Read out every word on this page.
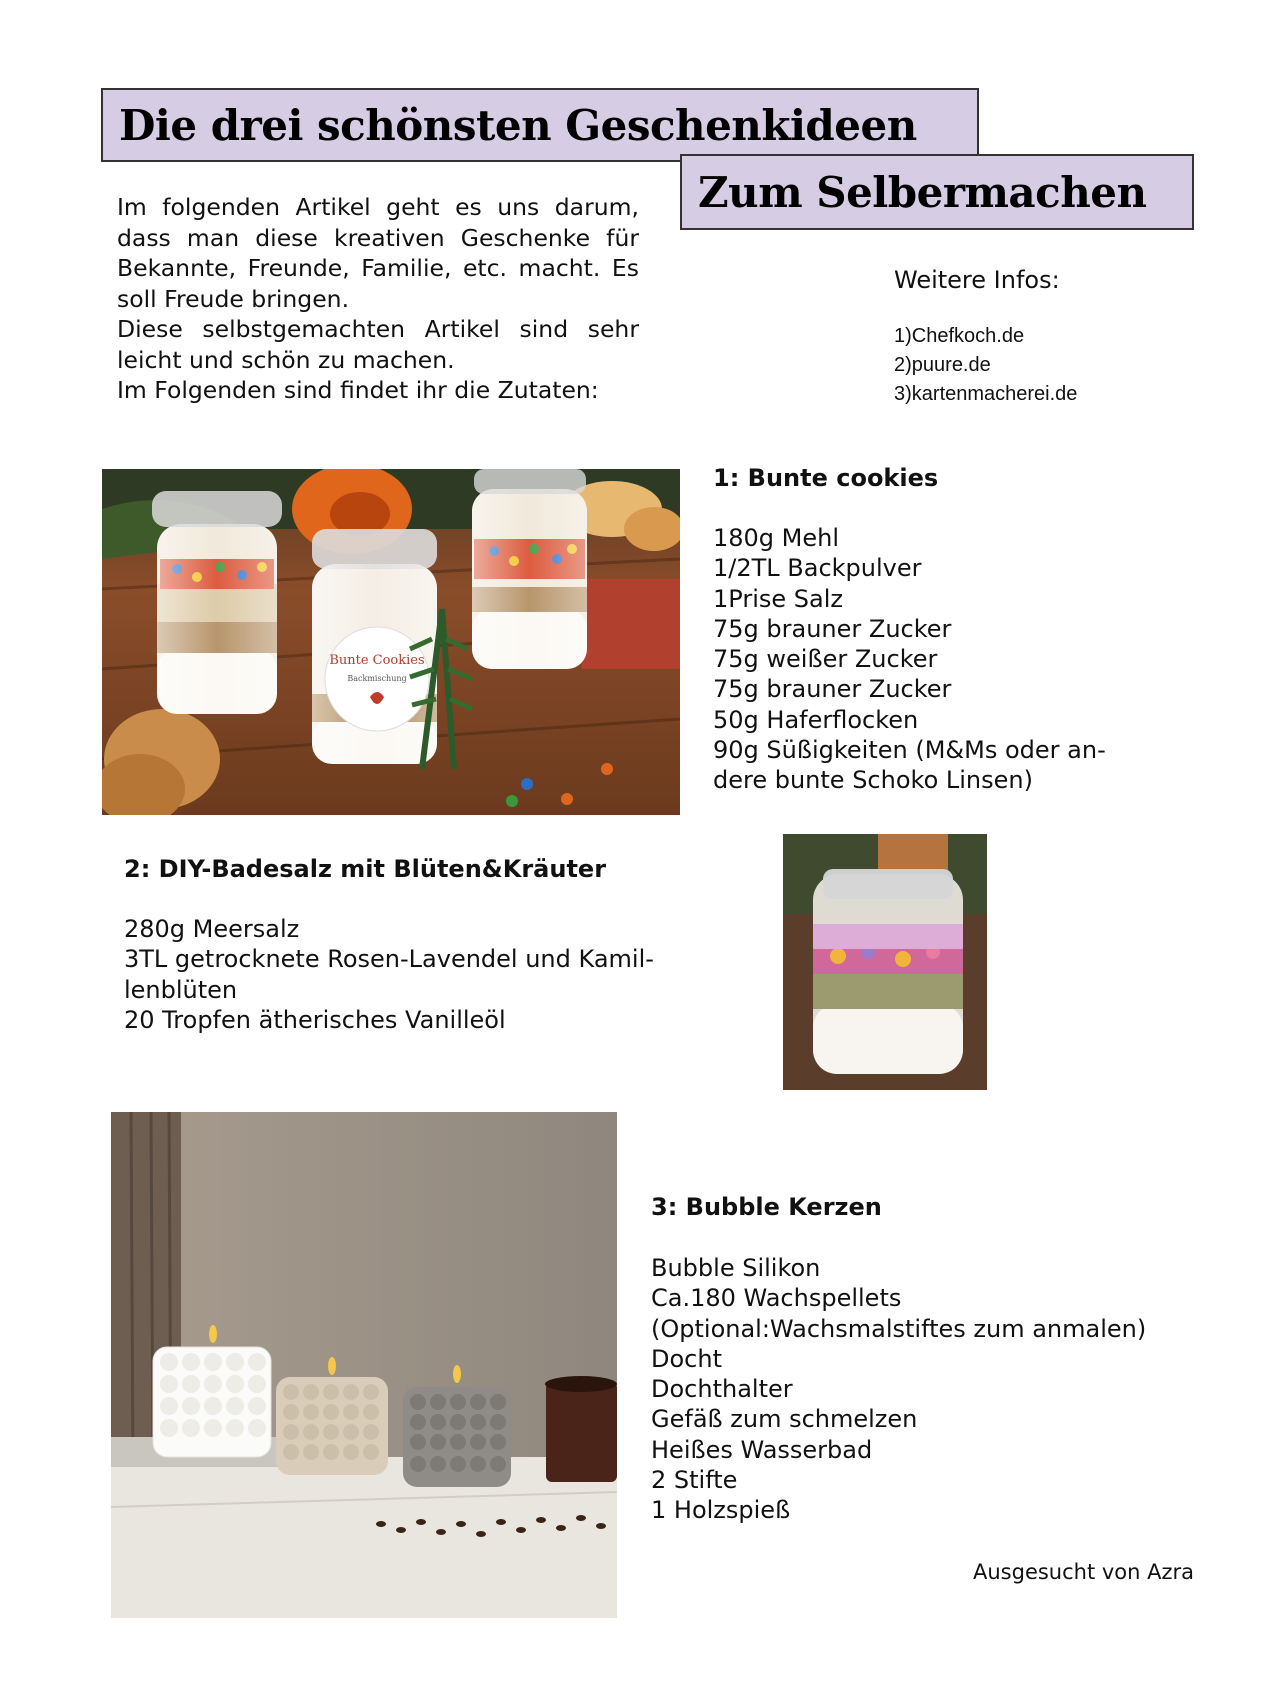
Die drei schönsten Geschenkideen
Zum Selbermachen

Im folgenden Artikel geht es uns darum, dass man diese kreativen Geschenke für Bekannte, Freunde, Familie, etc. macht. Es soll Freude bringen.

Diese selbstgemachten Artikel sind sehr leicht und schön zu machen.

Im Folgenden sind findet ihr die Zutaten:

Weitere Infos:
1)Chefkoch.de
2)puure.de
3)kartenmacherei.de
Bunte Cookies
Backmischung
1: Bunte cookies
180g Mehl
1/2TL Backpulver
1Prise Salz
75g brauner Zucker
75g weißer Zucker
75g brauner Zucker
50g Haferflocken
90g Süßigkeiten (M&Ms oder an-
dere bunte Schoko Linsen)
2: DIY-Badesalz mit Blüten&Kräuter
280g Meersalz
3TL getrocknete Rosen-Lavendel und Kamil-
lenblüten
20 Tropfen ätherisches Vanilleöl
3: Bubble Kerzen
Bubble Silikon
Ca.180 Wachspellets
(Optional:Wachsmalstiftes zum anmalen)
Docht
Dochthalter
Gefäß zum schmelzen
Heißes Wasserbad
2 Stifte
1 Holzspieß
Ausgesucht von Azra
